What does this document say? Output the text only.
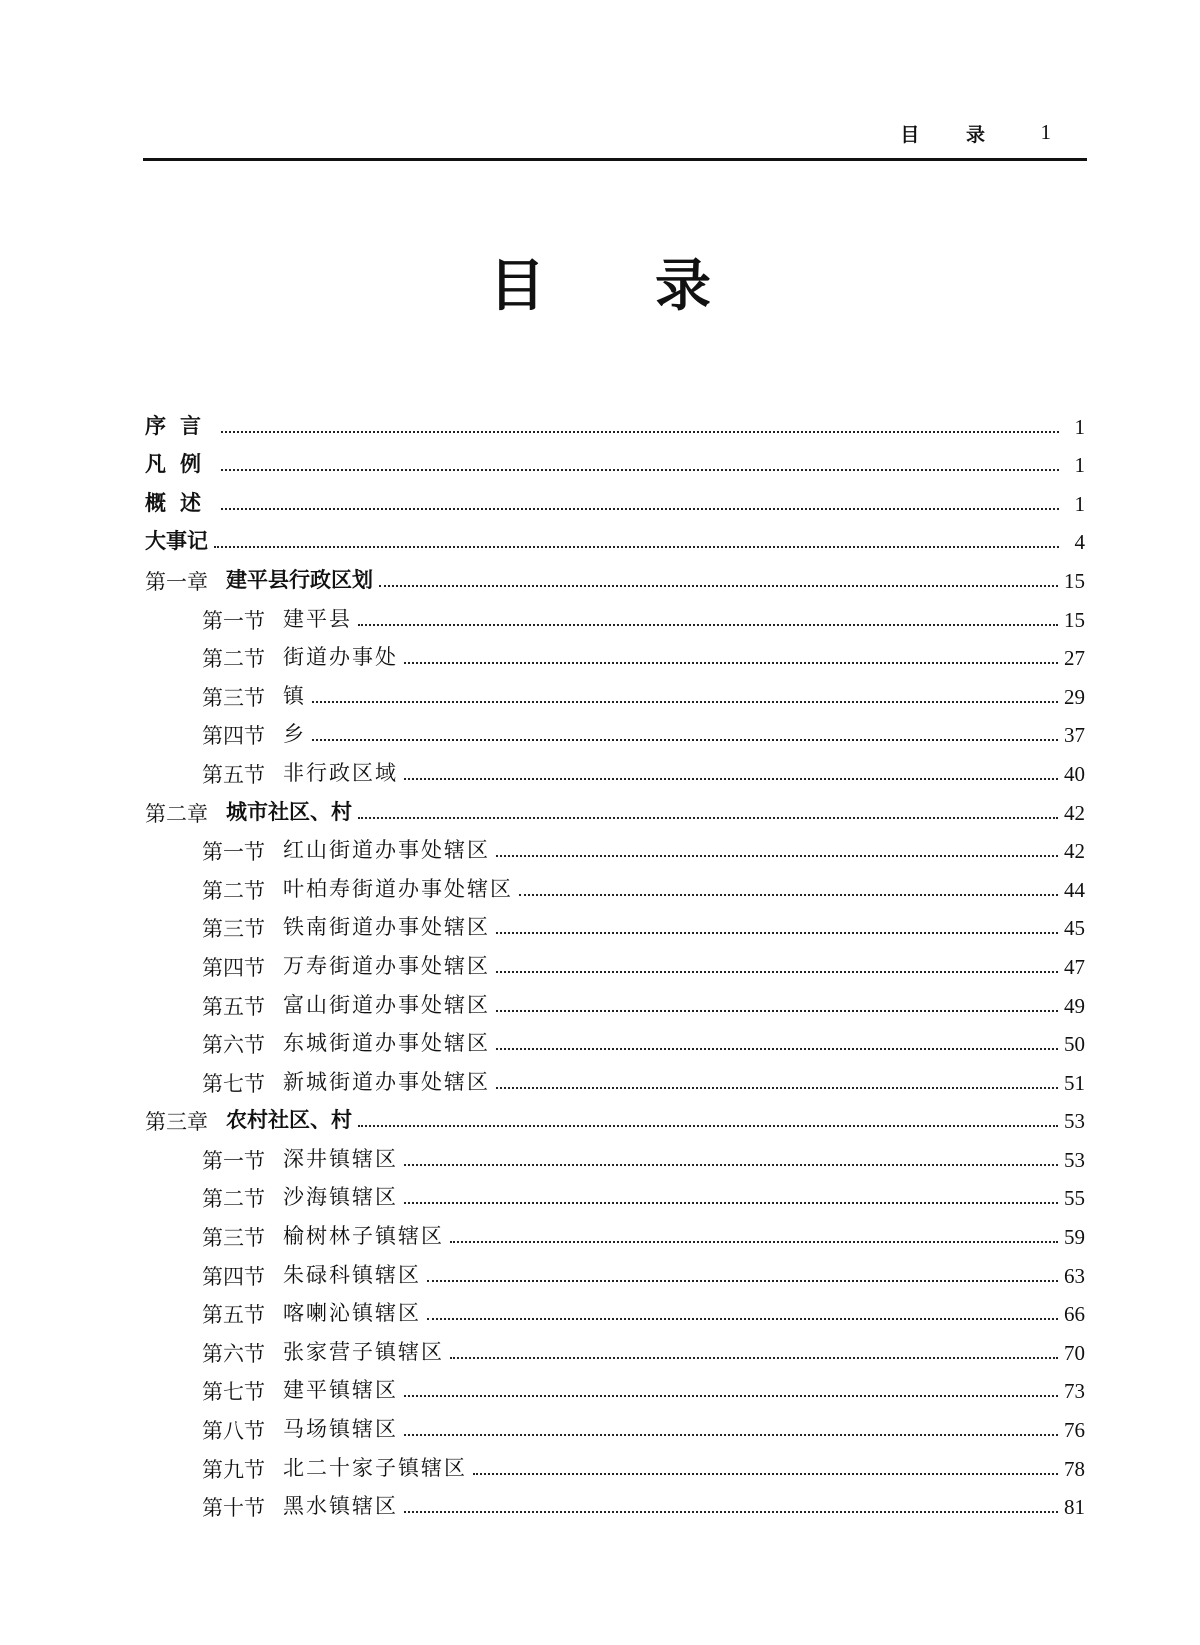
目 录 1
目录
序言	1
凡例	1
概述	1
大事记	4
第一章 建平县行政区划	15
第一节 建平县	15
第二节 街道办事处	27
第三节 镇	29
第四节 乡	37
第五节 非行政区域	40
第二章 城市社区、村	42
第一节 红山街道办事处辖区	42
第二节 叶柏寿街道办事处辖区	44
第三节 铁南街道办事处辖区	45
第四节 万寿街道办事处辖区	47
第五节 富山街道办事处辖区	49
第六节 东城街道办事处辖区	50
第七节 新城街道办事处辖区	51
第三章 农村社区、村	53
第一节 深井镇辖区	53
第二节 沙海镇辖区	55
第三节 榆树林子镇辖区	59
第四节 朱碌科镇辖区	63
第五节 喀喇沁镇辖区	66
第六节 张家营子镇辖区	70
第七节 建平镇辖区	73
第八节 马场镇辖区	76
第九节 北二十家子镇辖区	78
第十节 黑水镇辖区	81
